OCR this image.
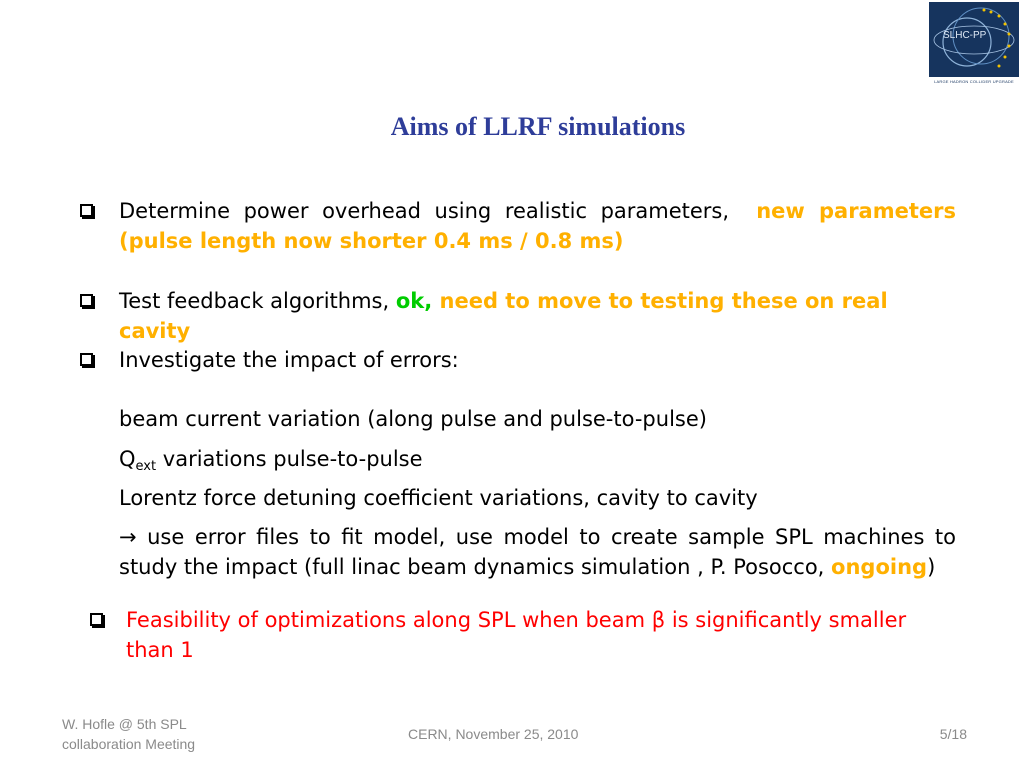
SLHC-PP
LARGE HADRON COLLIDER UPGRADE
Aims of LLRF simulations
Determine power overhead using realistic parameters,  new parameters (pulse length now shorter 0.4 ms / 0.8 ms)
Test feedback algorithms, ok, need to move to testing these on real cavity
Investigate the impact of errors:
beam current variation (along pulse and pulse-to-pulse)
Qext variations pulse-to-pulse
Lorentz force detuning coefficient variations, cavity to cavity
→ use error files to fit model, use model to create sample SPL machines to
study the impact (full linac beam dynamics simulation , P. Posocco, ongoing)
Feasibility of optimizations along SPL when beam β is significantly smaller than 1
W. Hofle @ 5th SPL
collaboration Meeting
CERN, November 25, 2010	5/18
